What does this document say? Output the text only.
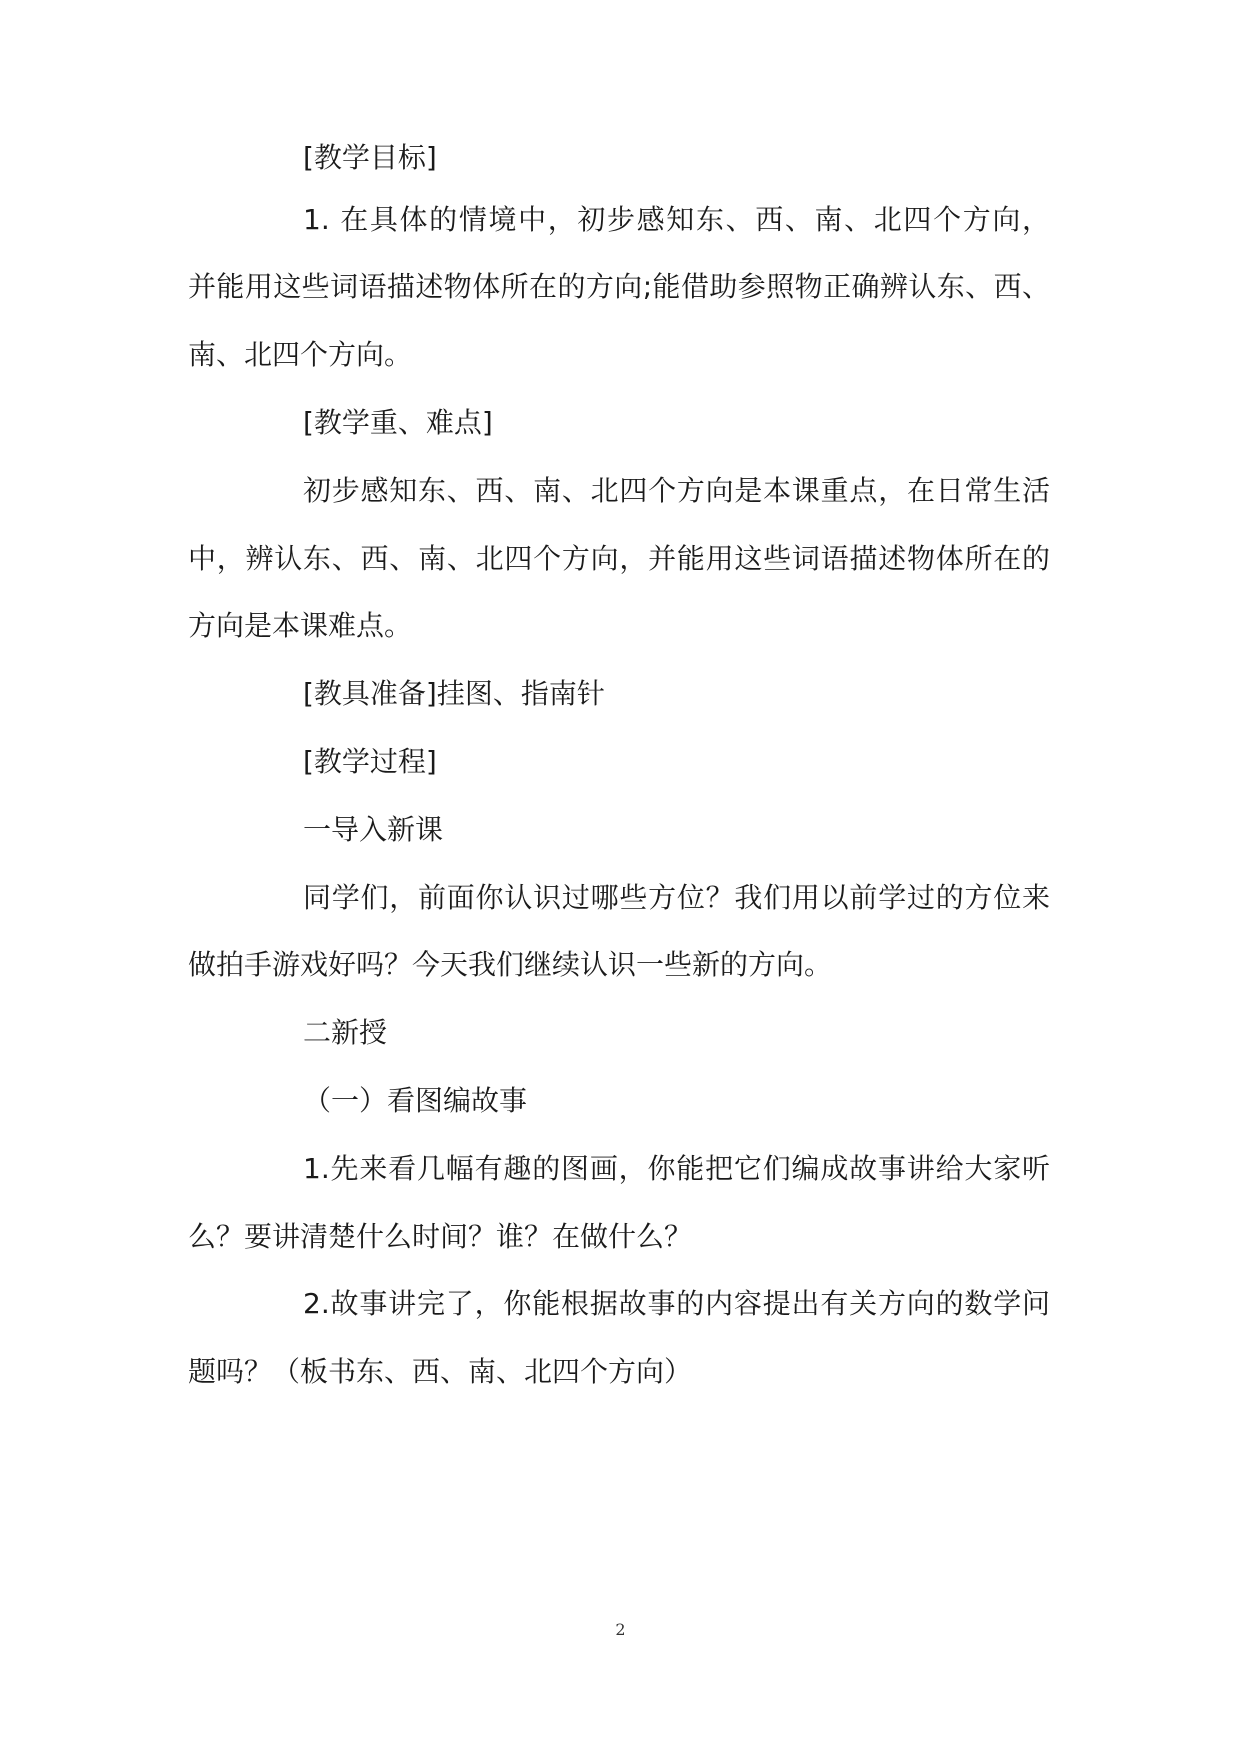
[教学目标]
1. 在具体的情境中，初步感知东、西、南、北四个方向，
并能用这些词语描述物体所在的方向;能借助参照物正确辨认东、西、
南、北四个方向。
[教学重、难点]
初步感知东、西、南、北四个方向是本课重点，在日常生活
中，辨认东、西、南、北四个方向，并能用这些词语描述物体所在的
方向是本课难点。
[教具准备]挂图、指南针
[教学过程]
一导入新课
同学们，前面你认识过哪些方位？我们用以前学过的方位来
做拍手游戏好吗？今天我们继续认识一些新的方向。
二新授
（一）看图编故事
1.先来看几幅有趣的图画，你能把它们编成故事讲给大家听
么？要讲清楚什么时间？谁？在做什么？
2.故事讲完了，你能根据故事的内容提出有关方向的数学问
题吗？（板书东、西、南、北四个方向）
2
